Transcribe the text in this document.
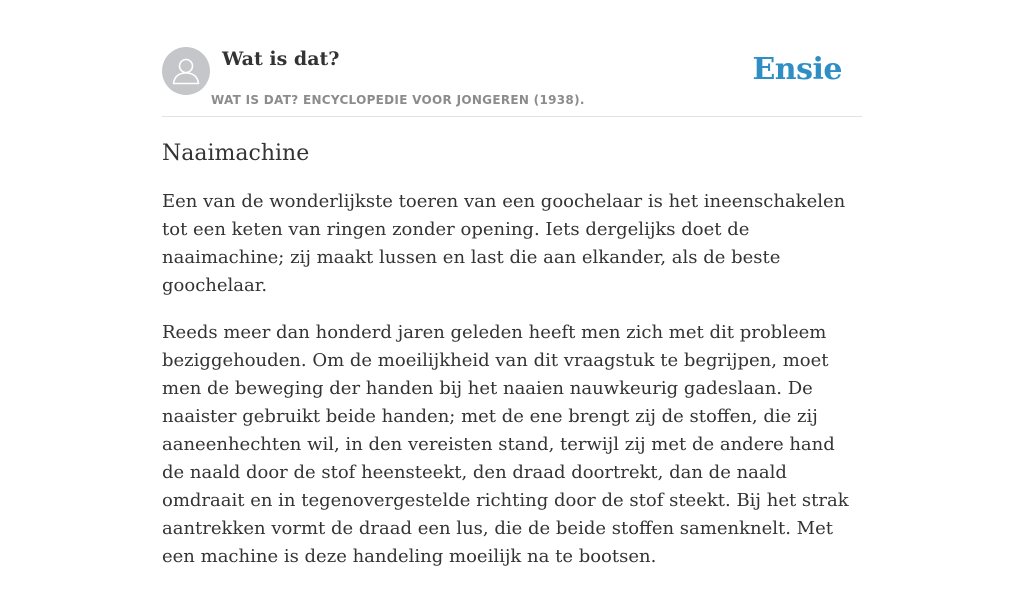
Wat is dat?
WAT IS DAT? ENCYCLOPEDIE VOOR JONGEREN (1938).
Ensie
Naaimachine

Een van de wonderlijkste toeren van een goochelaar is het ineenschakelen tot een keten van ringen zonder opening. Iets dergelijks doet de naaimachine; zij maakt lussen en last die aan elkander, als de beste goochelaar.

Reeds meer dan honderd jaren geleden heeft men zich met dit probleem beziggehouden. Om de moeilijkheid van dit vraagstuk te begrijpen, moet men de beweging der handen bij het naaien nauwkeurig gadeslaan. De naaister gebruikt beide handen; met de ene brengt zij de stoffen, die zij aaneenhechten wil, in den vereisten stand, terwijl zij met de andere hand de naald door de stof heensteekt, den draad doortrekt, dan de naald omdraait en in tegenovergestelde richting door de stof steekt. Bij het strak aantrekken vormt de draad een lus, die de beide stoffen samenknelt. Met een machine is deze handeling moeilijk na te bootsen.
